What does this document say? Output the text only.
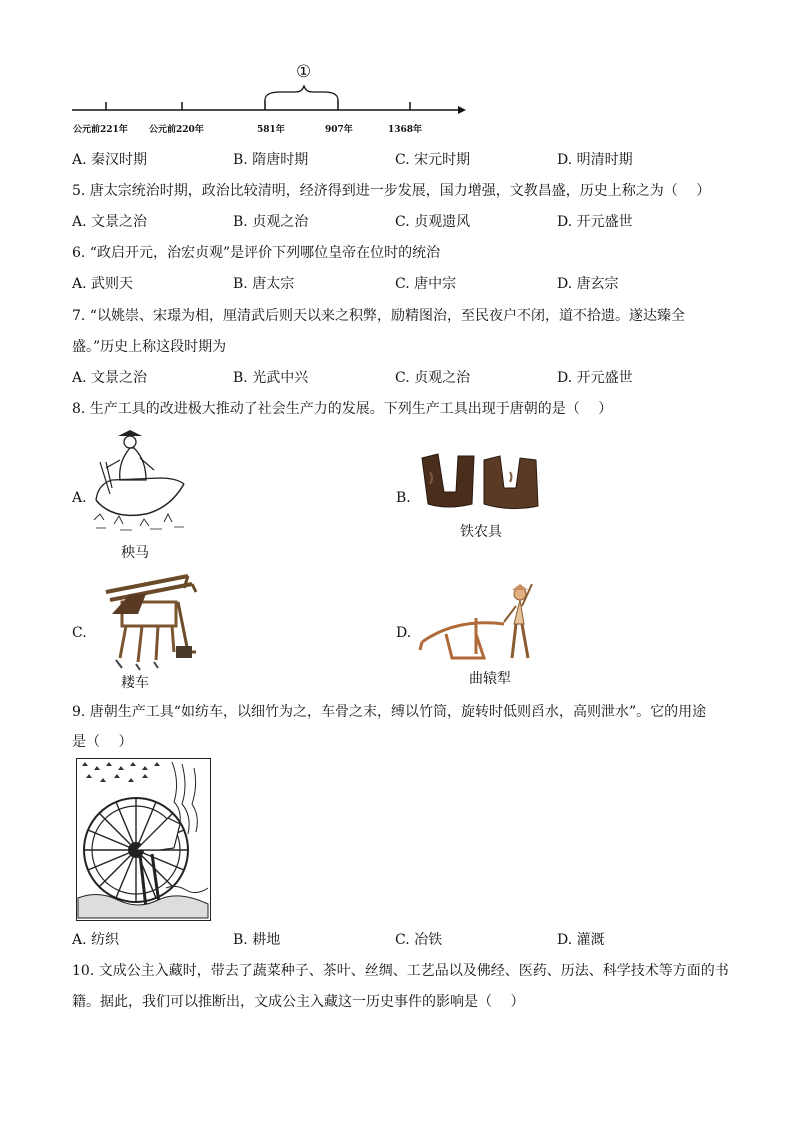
①
公元前221年 公元前220年	581年	907年	1368年
A. 秦汉时期	B. 隋唐时期	C. 宋元时期	D. 明清时期
5. 唐太宗统治时期，政治比较清明，经济得到进一步发展，国力增强，文教昌盛，历史上称之为（　 ）
A. 文景之治	B. 贞观之治	C. 贞观遗风	D. 开元盛世
6. “政启开元，治宏贞观”是评价下列哪位皇帝在位时的统治
A. 武则天	B. 唐太宗	C. 唐中宗	D. 唐玄宗
7. “以姚崇、宋璟为相，厘清武后则天以来之积弊，励精图治，至民夜户不闭，道不拾遗。遂达臻全
盛。”历史上称这段时期为
A. 文景之治	B. 光武中兴	C. 贞观之治	D. 开元盛世
8. 生产工具的改进极大推动了社会生产力的发展。下列生产工具出现于唐朝的是（　 ）
A.
秧马
B.
铁农具
C.
耧车
D.
曲辕犁
9. 唐朝生产工具“如纺车，以细竹为之，车骨之末，缚以竹筒，旋转时低则舀水，高则泄水”。它的用途
是（　 ）
A. 纺织	B. 耕地	C. 冶铁	D. 灌溉
10. 文成公主入藏时，带去了蔬菜种子、茶叶、丝绸、工艺品以及佛经、医药、历法、科学技术等方面的书
籍。据此，我们可以推断出，文成公主入藏这一历史事件的影响是（　 ）
